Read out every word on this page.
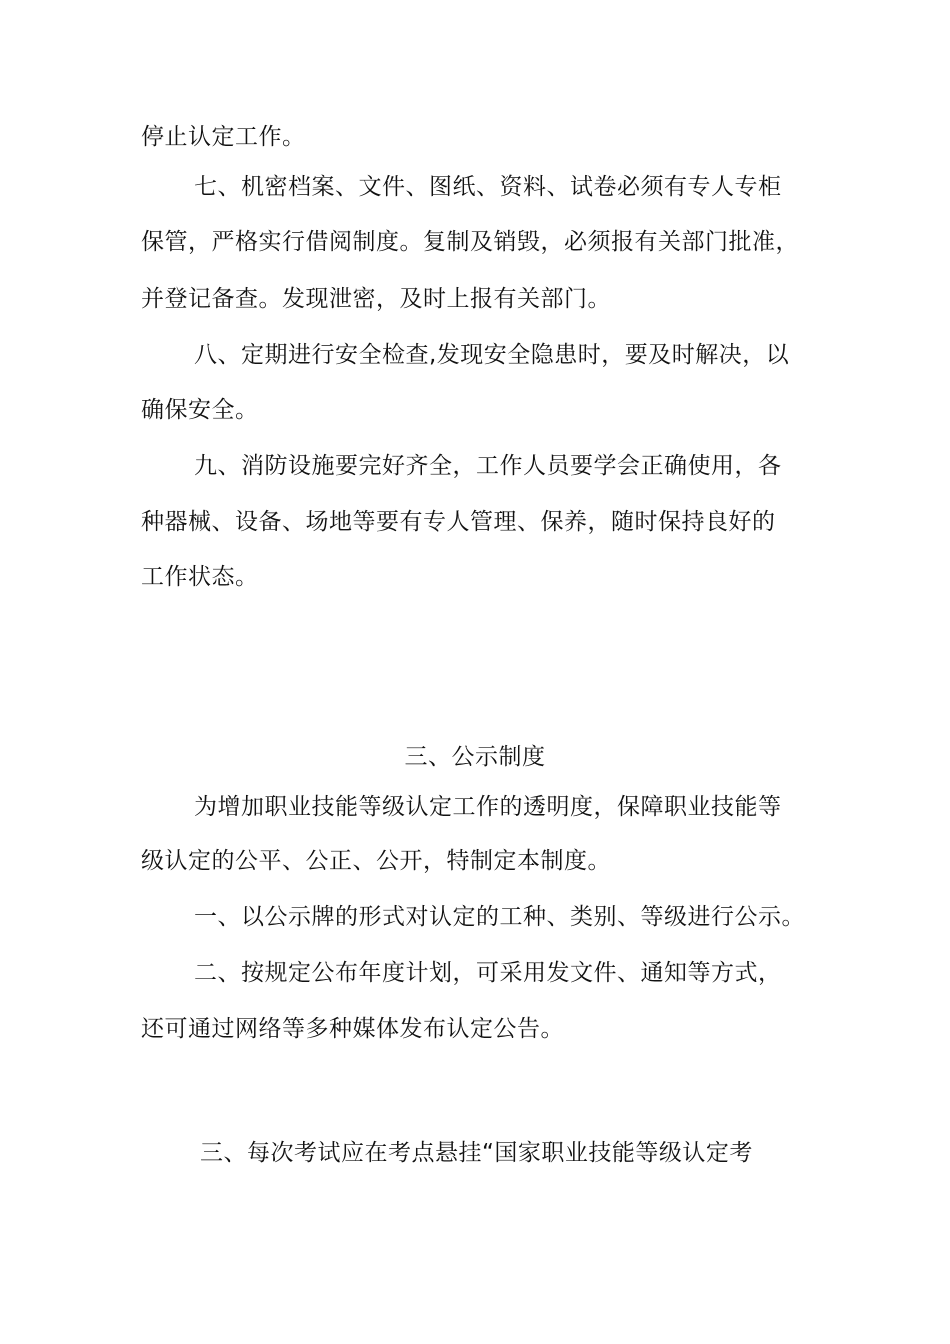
停止认定工作。
七、机密档案、文件、图纸、资料、试卷必须有专人专柜
保管，严格实行借阅制度。复制及销毁，必须报有关部门批准，
并登记备查。发现泄密，及时上报有关部门。
八、定期进行安全检查,发现安全隐患时，要及时解决，以
确保安全。
九、消防设施要完好齐全，工作人员要学会正确使用，各
种器械、设备、场地等要有专人管理、保养，随时保持良好的
工作状态。
三、公示制度
为增加职业技能等级认定工作的透明度，保障职业技能等
级认定的公平、公正、公开，特制定本制度。
一、以公示牌的形式对认定的工种、类别、等级进行公示。
二、按规定公布年度计划，可采用发文件、通知等方式，
还可通过网络等多种媒体发布认定公告。
三、每次考试应在考点悬挂“国家职业技能等级认定考
